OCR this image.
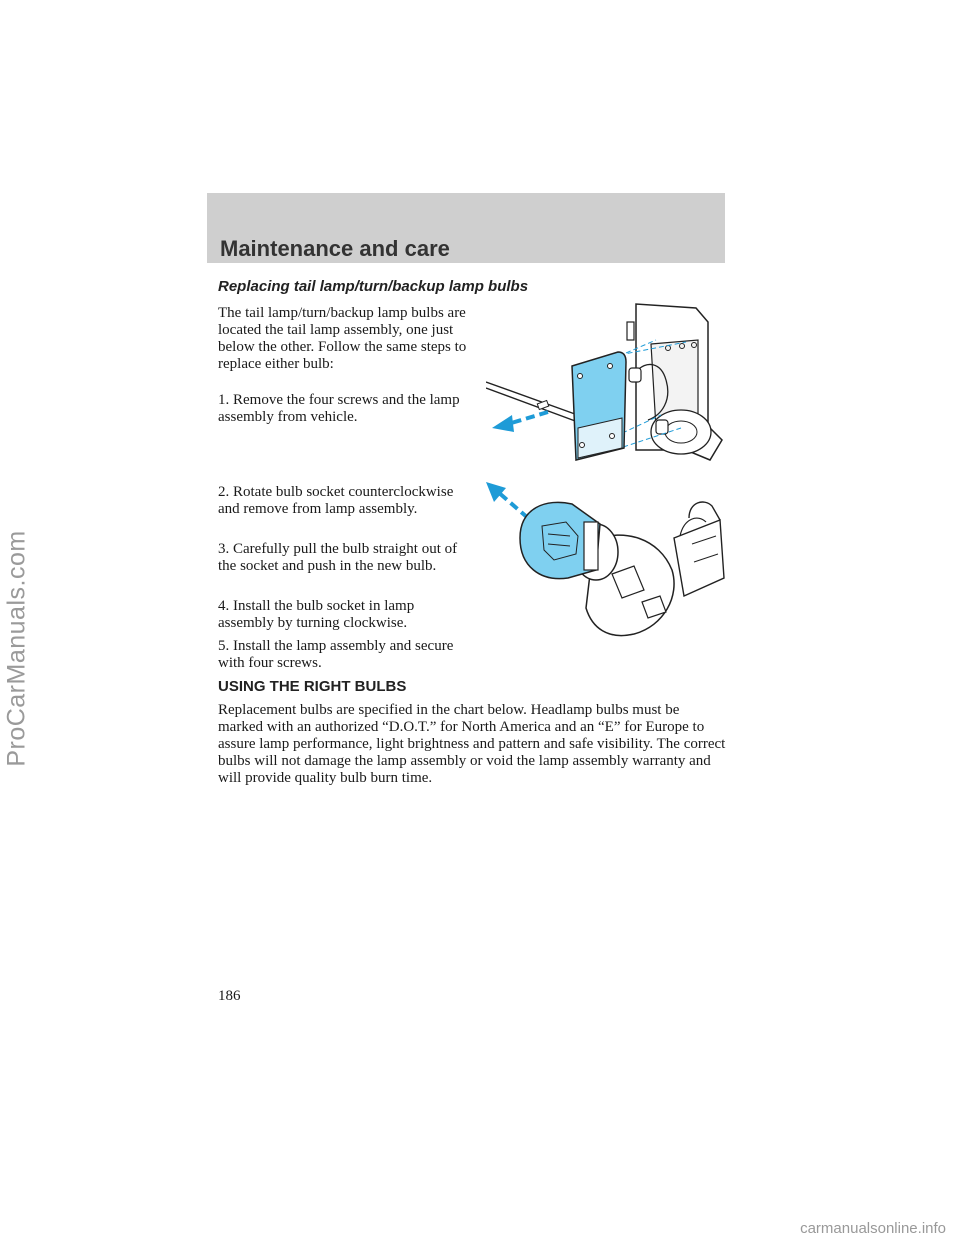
Maintenance and care
Replacing tail lamp/turn/backup lamp bulbs

The tail lamp/turn/backup lamp bulbs are located the tail lamp assembly, one just below the other. Follow the same steps to replace either bulb:

1. Remove the four screws and the lamp assembly from vehicle.

2. Rotate bulb socket counterclockwise and remove from lamp assembly.

3. Carefully pull the bulb straight out of the socket and push in the new bulb.

4. Install the bulb socket in lamp assembly by turning clockwise.

5. Install the lamp assembly and secure with four screws.

USING THE RIGHT BULBS

Replacement bulbs are specified in the chart below. Headlamp bulbs must be marked with an authorized “D.O.T.” for North America and an “E” for Europe to assure lamp performance, light brightness and pattern and safe visibility. The correct bulbs will not damage the lamp assembly or void the lamp assembly warranty and will provide quality bulb burn time.

186

ProCarManuals.com
carmanualsonline.info
